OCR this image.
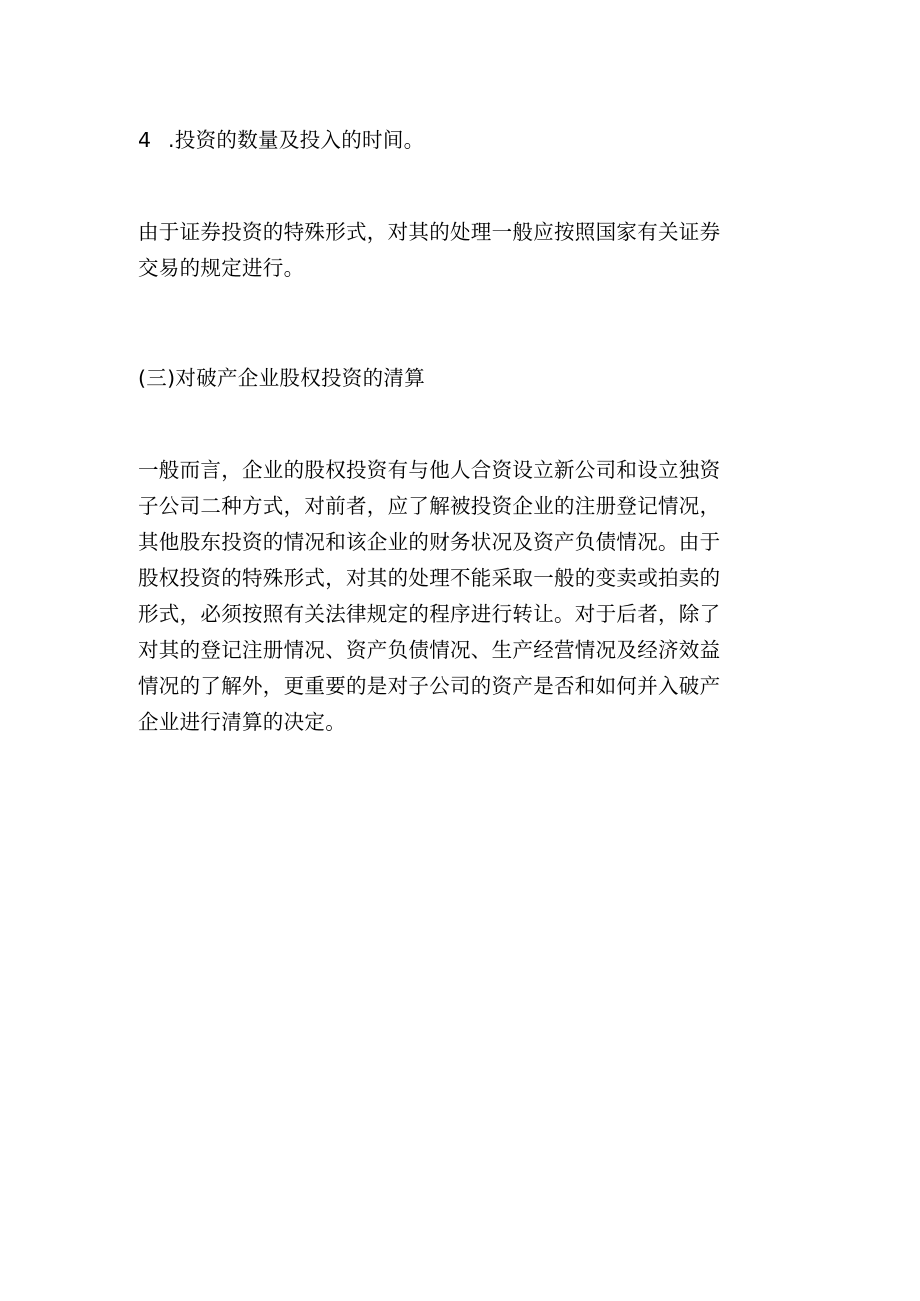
4 .投资的数量及投入的时间。

由于证券投资的特殊形式，对其的处理一般应按照国家有关证券
交易的规定进行。

(三)对破产企业股权投资的清算

一般而言，企业的股权投资有与他人合资设立新公司和设立独资
子公司二种方式，对前者，应了解被投资企业的注册登记情况，
其他股东投资的情况和该企业的财务状况及资产负债情况。由于
股权投资的特殊形式，对其的处理不能采取一般的变卖或拍卖的
形式，必须按照有关法律规定的程序进行转让。对于后者，除了
对其的登记注册情况、资产负债情况、生产经营情况及经济效益
情况的了解外，更重要的是对子公司的资产是否和如何并入破产
企业进行清算的决定。
